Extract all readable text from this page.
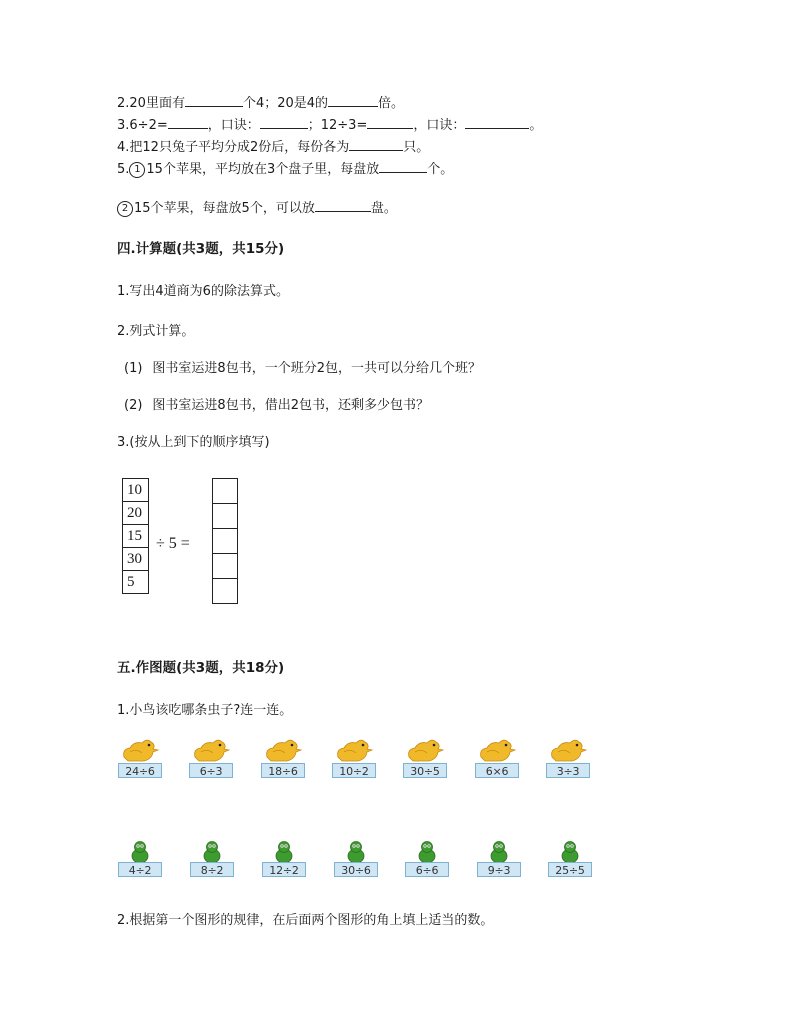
2.20里面有	个4；20是4的	倍。
3.6÷2=	，口诀：	；12÷3=	，口诀：	。
4.把12只兔子平均分成2份后，每份各为	只。
5. 1 15个苹果，平均放在3个盘子里，每盘放	个。
2 15个苹果，每盘放5个，可以放	盘。
四.计算题(共3题，共15分)
1.写出4道商为6的除法算式。
2.列式计算。
(1) 图书室运进8包书，一个班分2包，一共可以分给几个班？
(2) 图书室运进8包书，借出2包书，还剩多少包书？
3.(按从上到下的顺序填写)
10
20
15
30
5
÷ 5 =
五.作图题(共3题，共18分)
1.小鸟该吃哪条虫子?连一连。
24÷6	6÷3	18÷6	10÷2	30÷5	6×6	3÷3
4÷2	8÷2	12÷2	30÷6	6÷6	9÷3	25÷5
2.根据第一个图形的规律，在后面两个图形的角上填上适当的数。
